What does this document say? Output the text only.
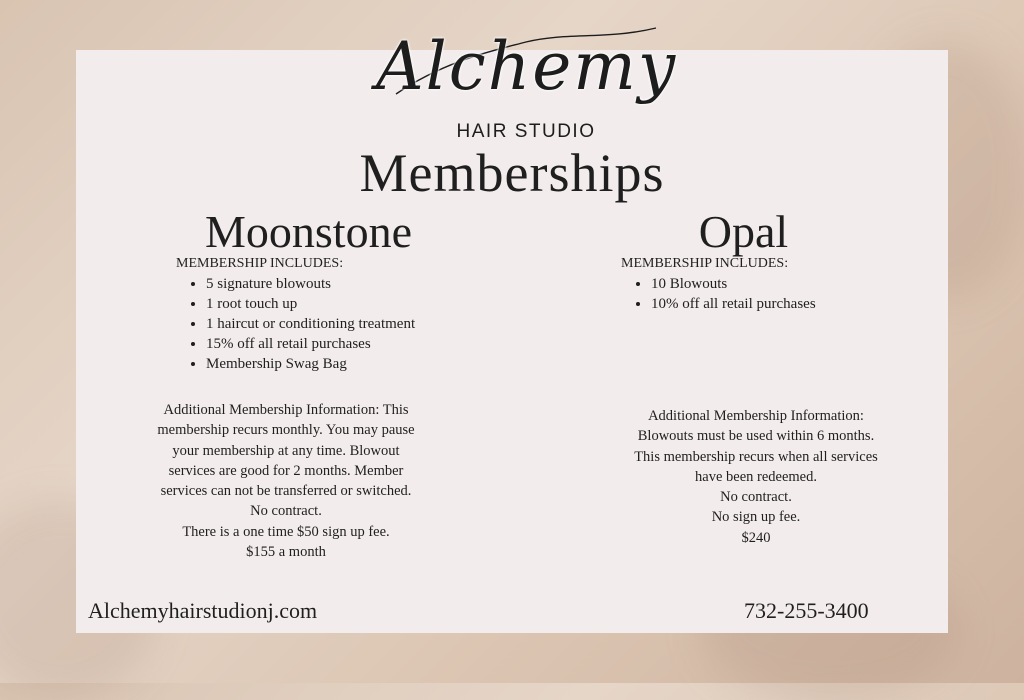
Alchemy
HAIR STUDIO
Memberships
Moonstone
MEMBERSHIP INCLUDES:
• 5 signature blowouts
• 1 root touch up
• 1 haircut or conditioning treatment
• 15% off all retail purchases
• Membership Swag Bag
Additional Membership Information: This
membership recurs monthly. You may pause
your membership at any time. Blowout
services are good for 2 months. Member
services can not be transferred or switched.
No contract.
There is a one time $50 sign up fee.
$155 a month
Opal
MEMBERSHIP INCLUDES:
• 10 Blowouts
• 10% off all retail purchases
Additional Membership Information:
Blowouts must be used within 6 months.
This membership recurs when all services
have been redeemed.
No contract.
No sign up fee.
$240
Alchemyhairstudionj.com	732-255-3400
